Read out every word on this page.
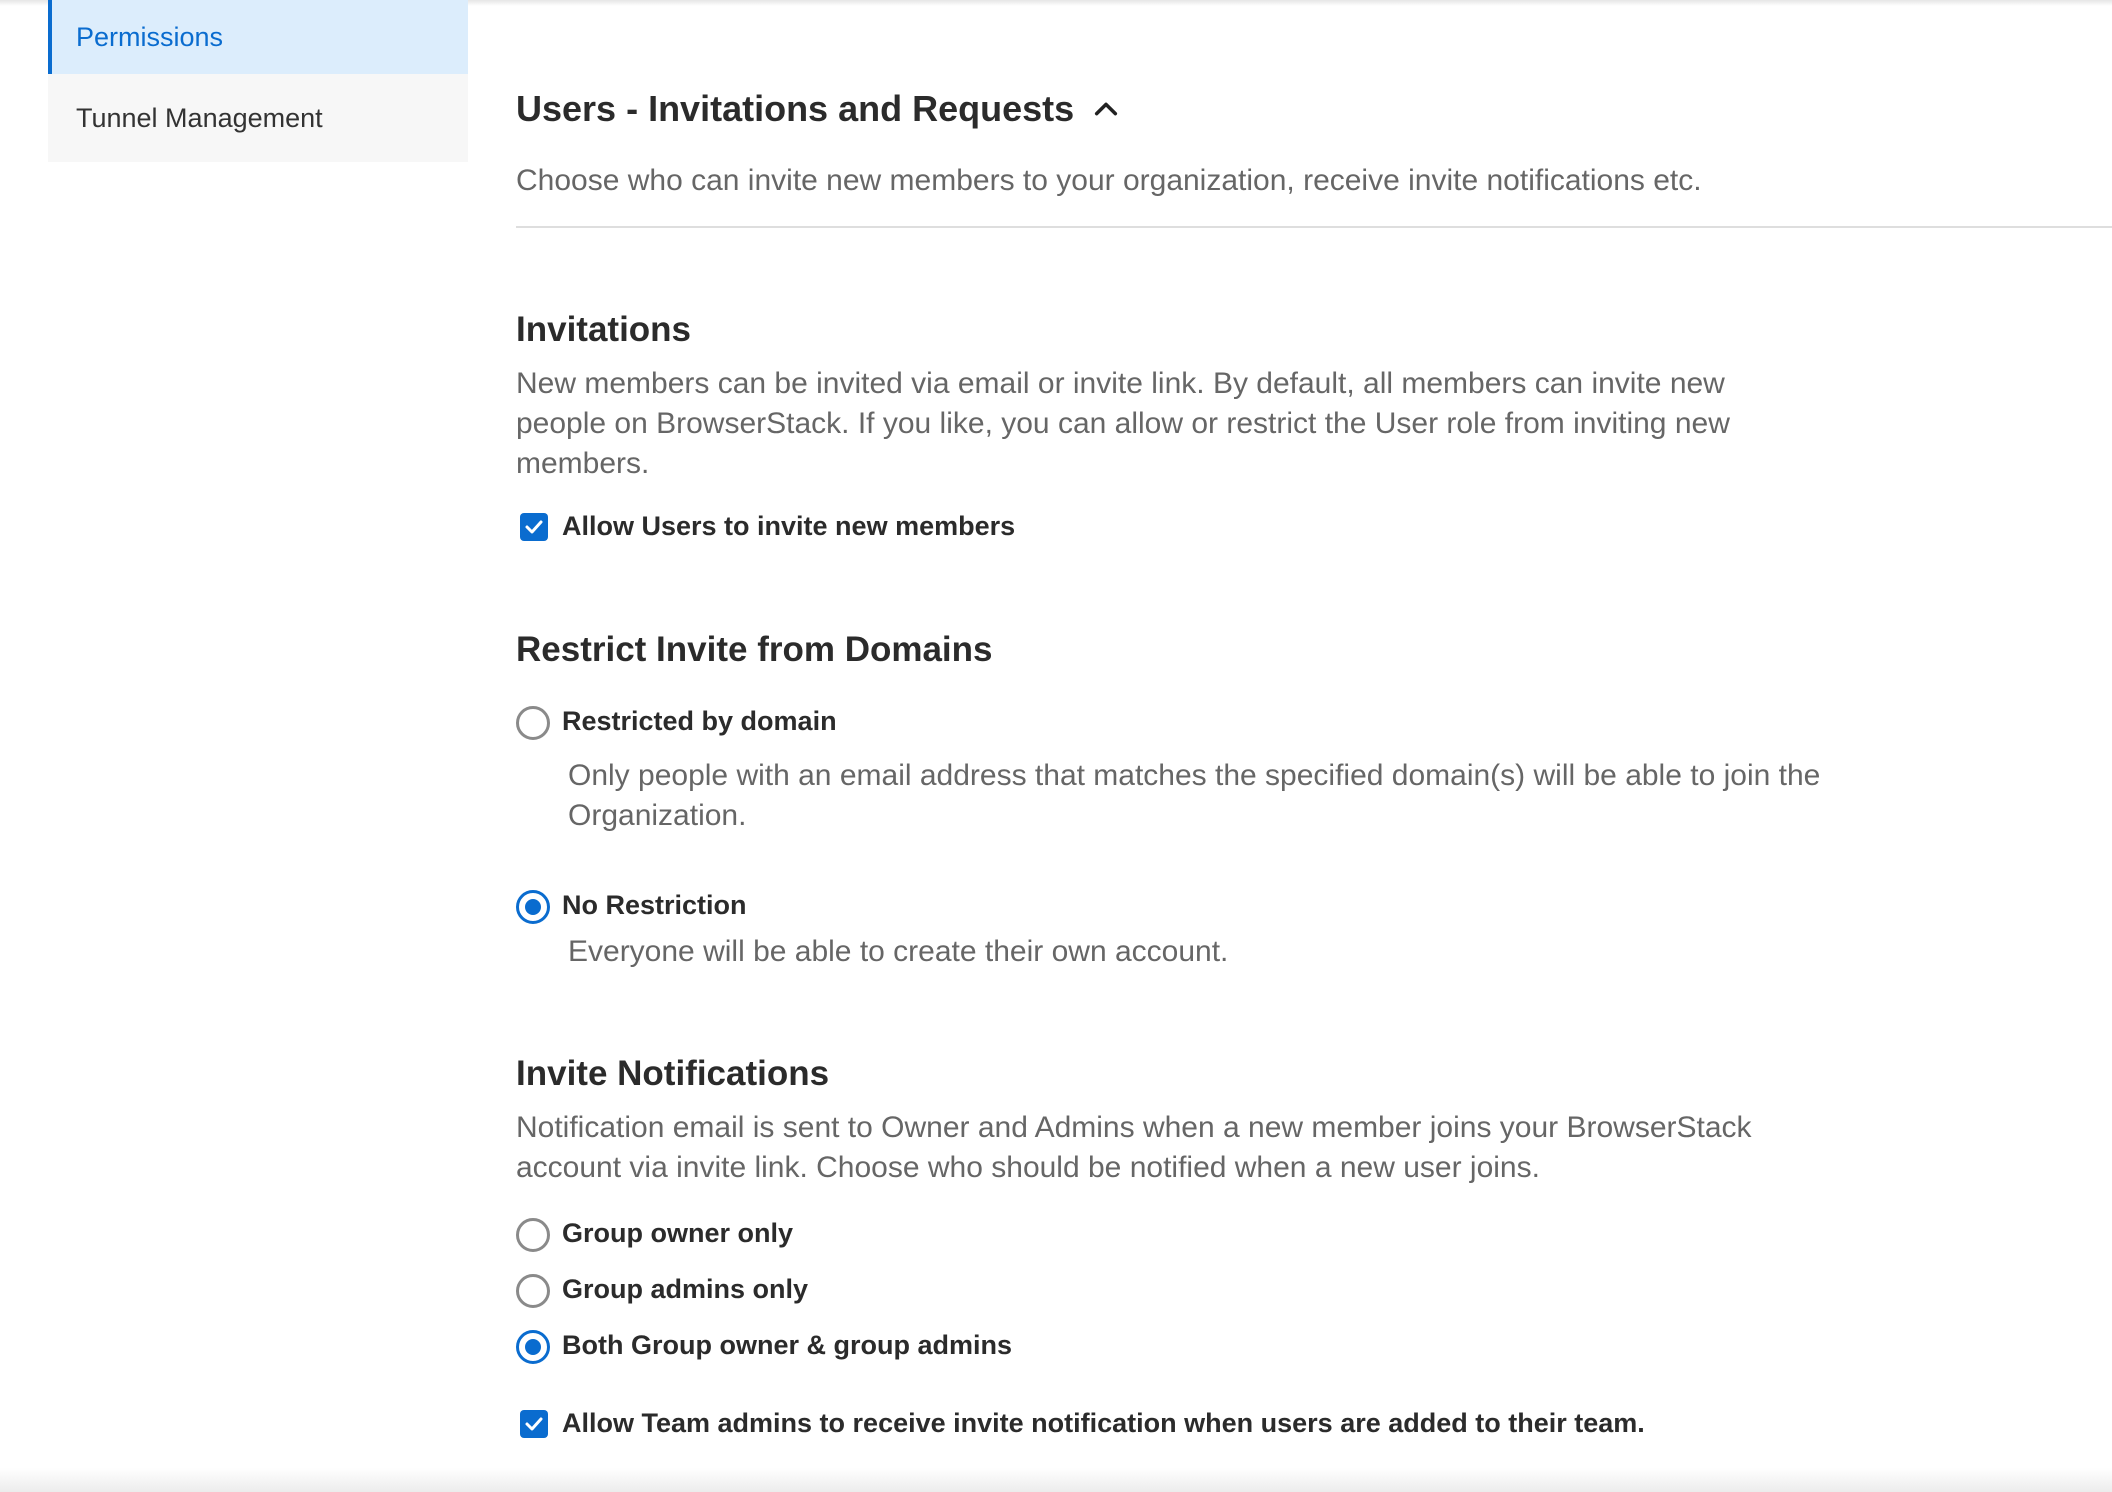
Permissions
Tunnel Management	Users - Invitations and Requests
Choose who can invite new members to your organization, receive invite notifications etc.
Invitations
New members can be invited via email or invite link. By default, all members can invite new people on BrowserStack. If you like, you can allow or restrict the User role from inviting new members.
Allow Users to invite new members
Restrict Invite from Domains
Restricted by domain
Only people with an email address that matches the specified domain(s) will be able to join the Organization.
No Restriction
Everyone will be able to create their own account.
Invite Notifications
Notification email is sent to Owner and Admins when a new member joins your BrowserStack account via invite link. Choose who should be notified when a new user joins.
Group owner only
Group admins only
Both Group owner & group admins
Allow Team admins to receive invite notification when users are added to their team.
